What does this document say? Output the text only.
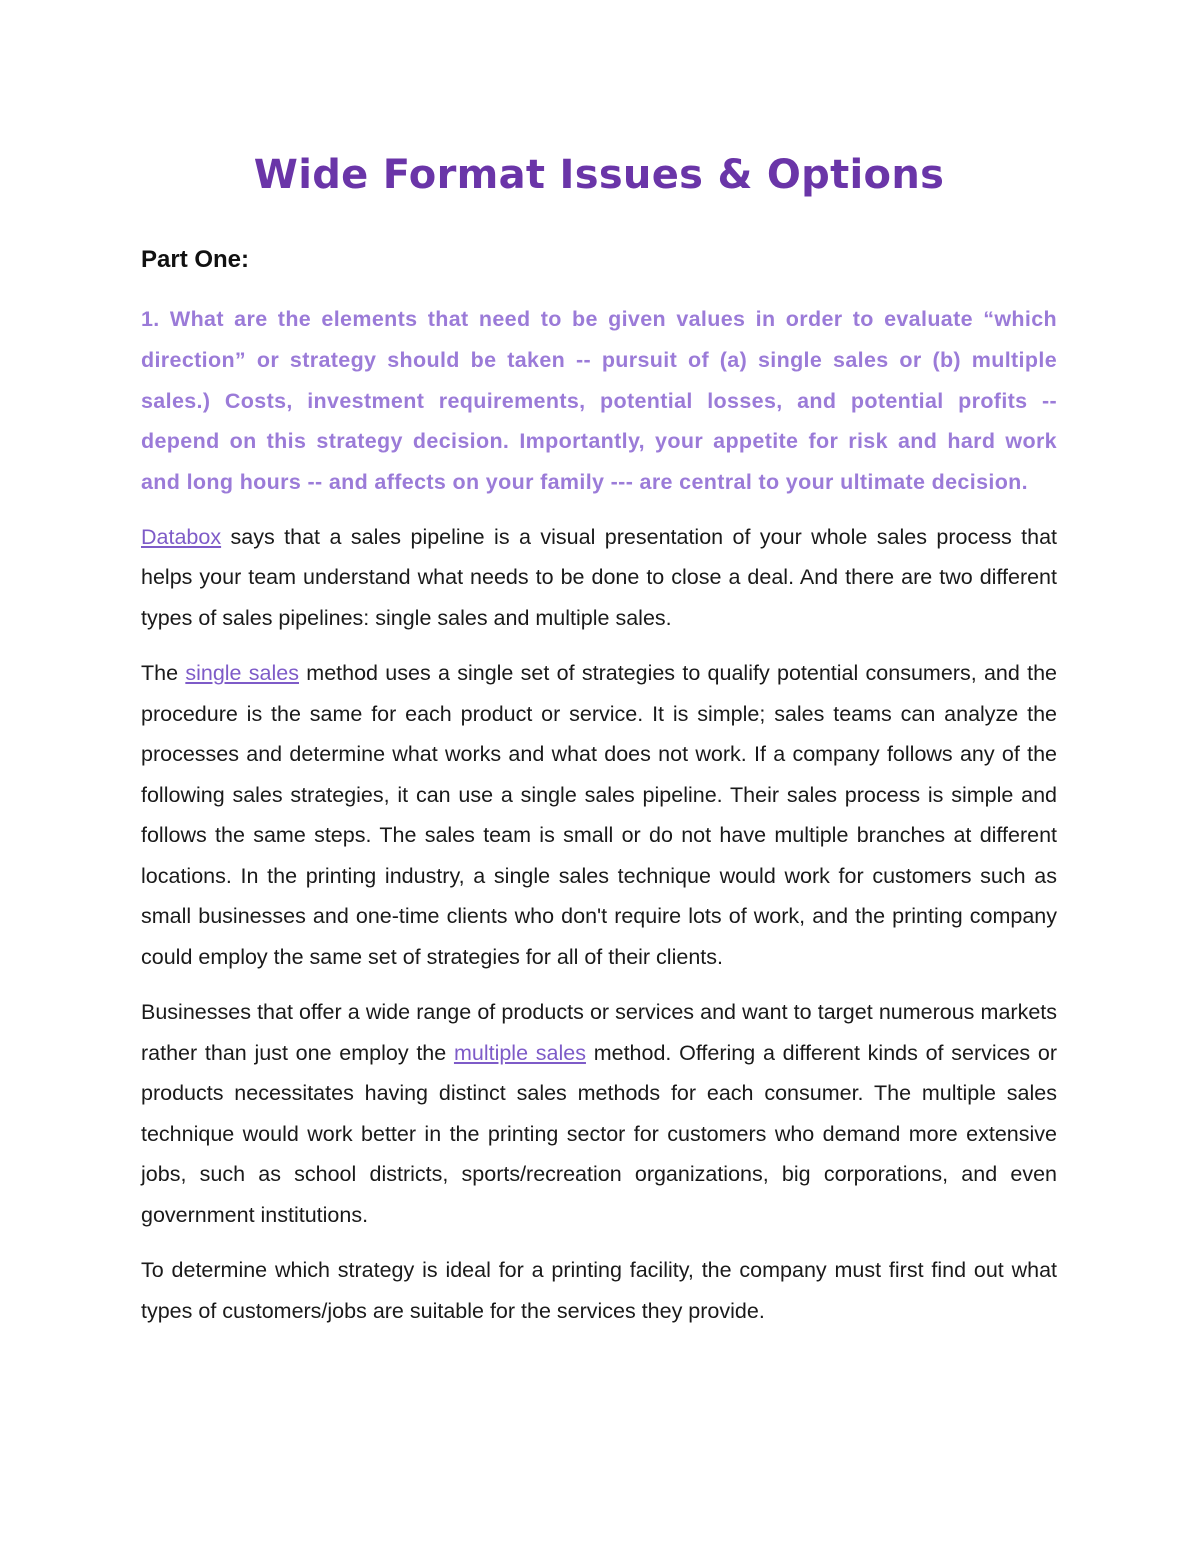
Wide Format Issues & Options
Part One:

1. What are the elements that need to be given values in order to evaluate “which direction” or strategy should be taken -- pursuit of (a) single sales or (b) multiple sales.) Costs, investment requirements, potential losses, and potential profits -- depend on this strategy decision. Importantly, your appetite for risk and hard work and long hours -- and affects on your family --- are central to your ultimate decision.

Databox says that a sales pipeline is a visual presentation of your whole sales process that helps your team understand what needs to be done to close a deal. And there are two different types of sales pipelines: single sales and multiple sales.

The single sales method uses a single set of strategies to qualify potential consumers, and the procedure is the same for each product or service. It is simple; sales teams can analyze the processes and determine what works and what does not work. If a company follows any of the following sales strategies, it can use a single sales pipeline. Their sales process is simple and follows the same steps. The sales team is small or do not have multiple branches at different locations. In the printing industry, a single sales technique would work for customers such as small businesses and one-time clients who don't require lots of work, and the printing company could employ the same set of strategies for all of their clients.

Businesses that offer a wide range of products or services and want to target numerous markets rather than just one employ the multiple sales method. Offering a different kinds of services or products necessitates having distinct sales methods for each consumer. The multiple sales technique would work better in the printing sector for customers who demand more extensive jobs, such as school districts, sports/recreation organizations, big corporations, and even government institutions.

To determine which strategy is ideal for a printing facility, the company must first find out what types of customers/jobs are suitable for the services they provide.
